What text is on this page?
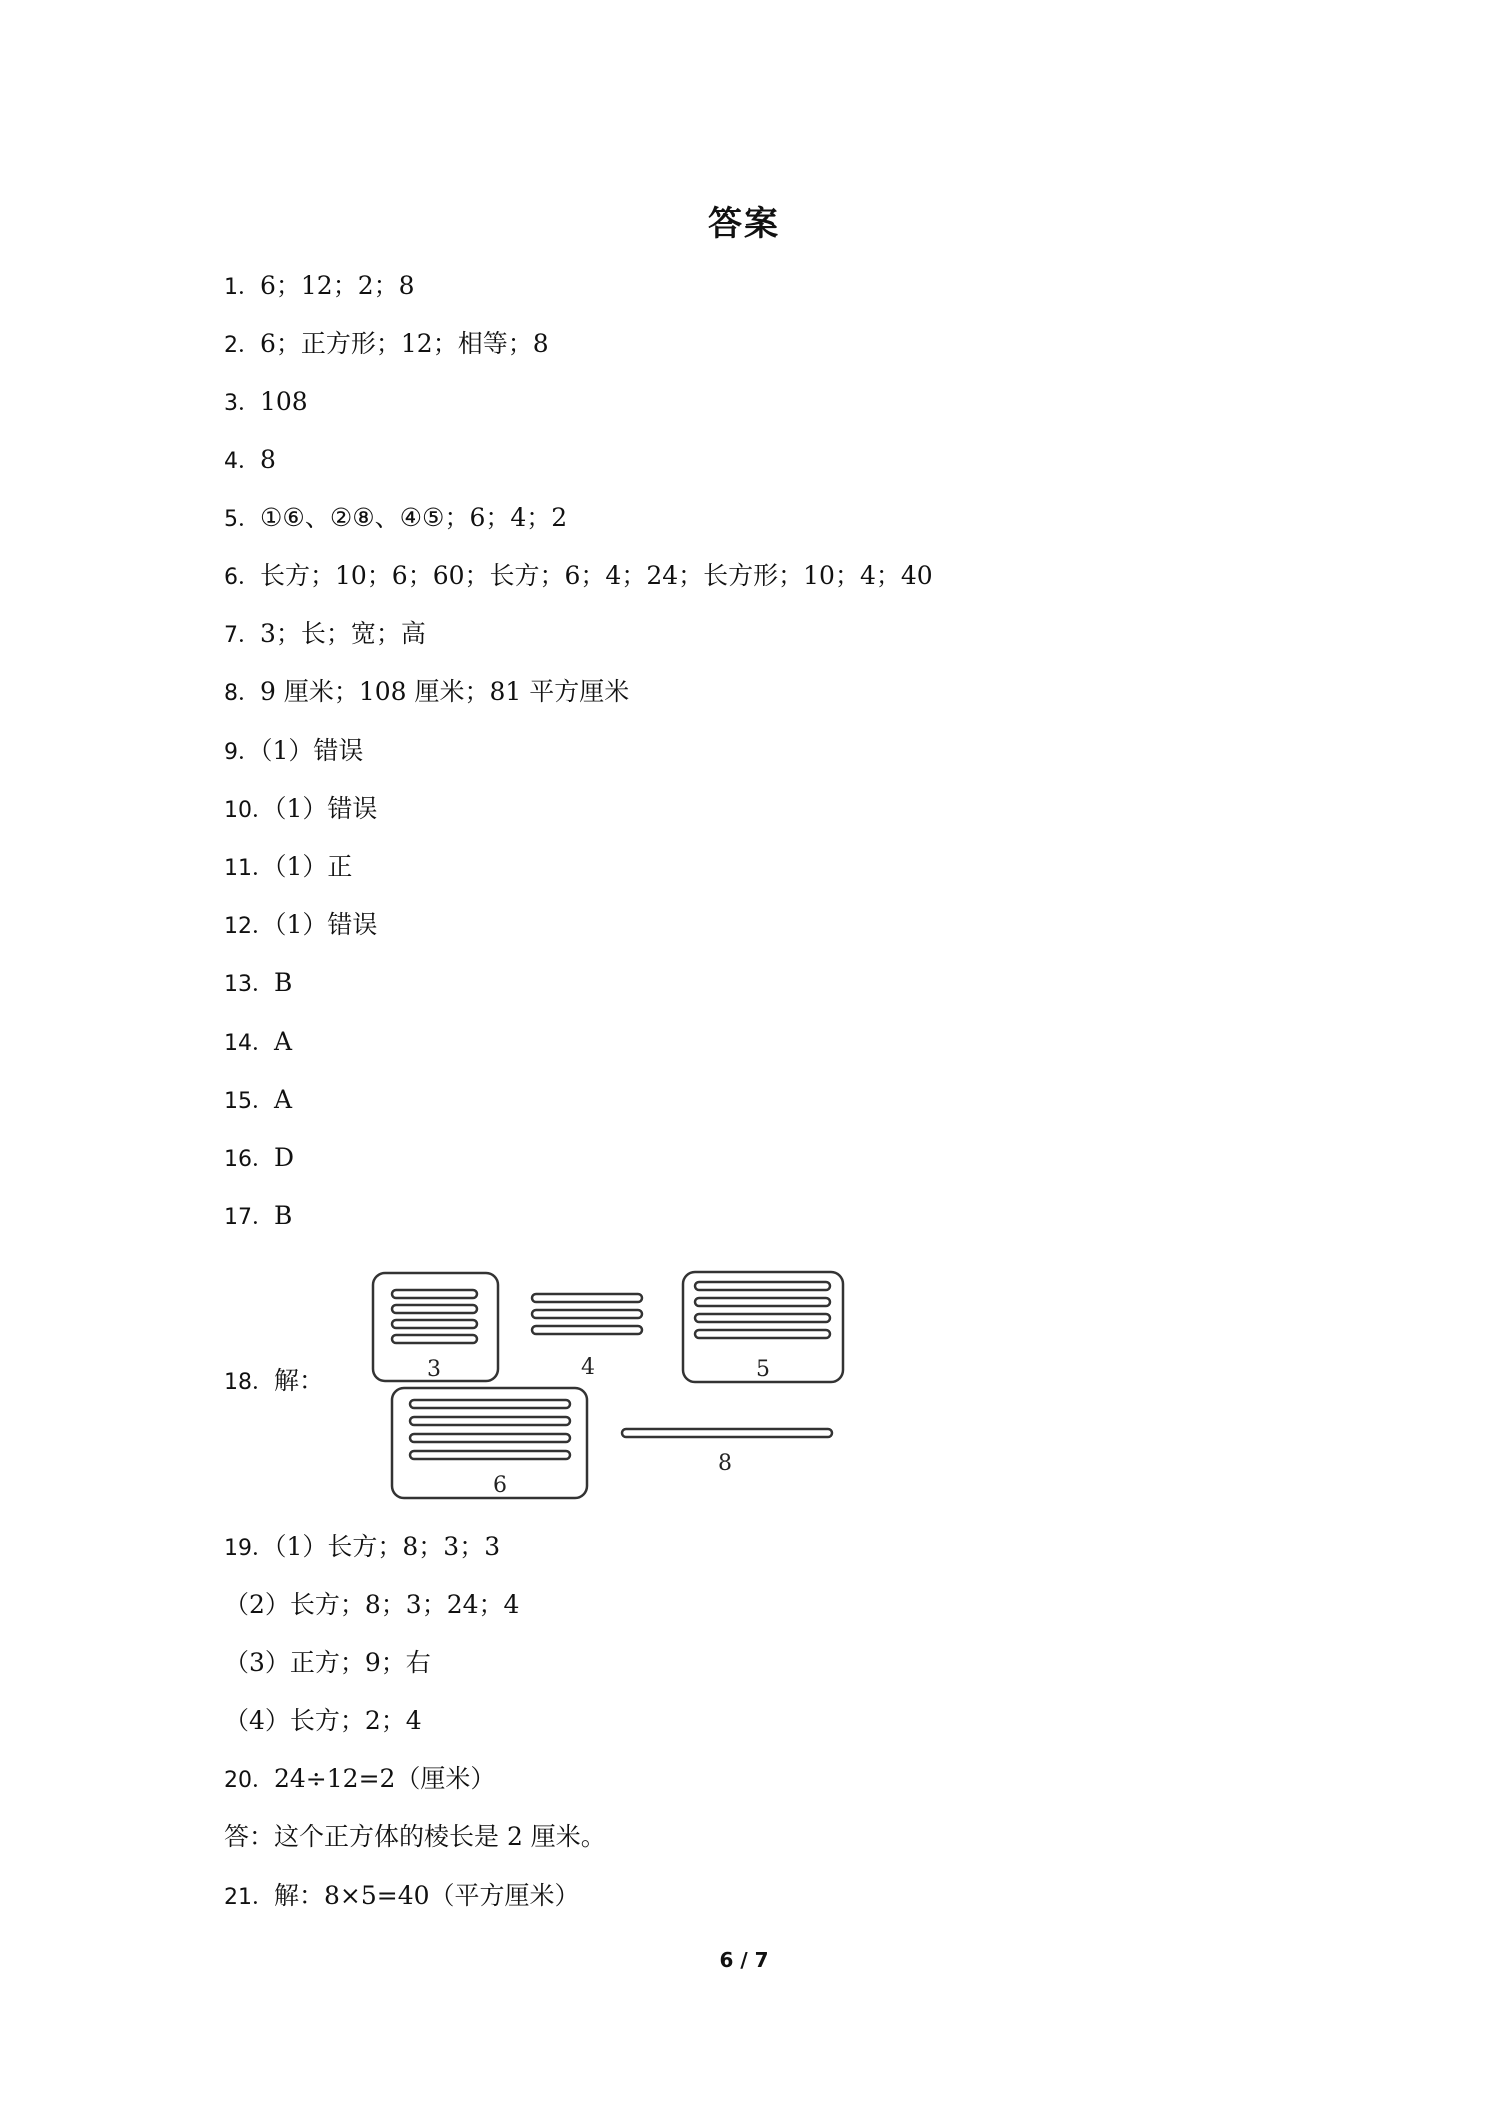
答案
1．6；12；2；8
2．6；正方形；12；相等；8
3．108
4．8
5．①⑥、②⑧、④⑤；6；4；2
6．长方；10；6；60；长方；6；4；24；长方形；10；4；40
7．3；长；宽；高
8．9 厘米；108 厘米；81 平方厘米
9．（1）错误
10．（1）错误
11．（1）正
12．（1）错误
13．B
14．A
15．A
16．D
17．B
18．解：
19．（1）长方；8；3；3
（2）长方；8；3；24；4
（3）正方；9；右
（4）长方；2；4
20．24÷12=2（厘米）
答：这个正方体的棱长是 2 厘米。
21．解：8×5=40（平方厘米）
3	4	5
6
8
6 / 7
